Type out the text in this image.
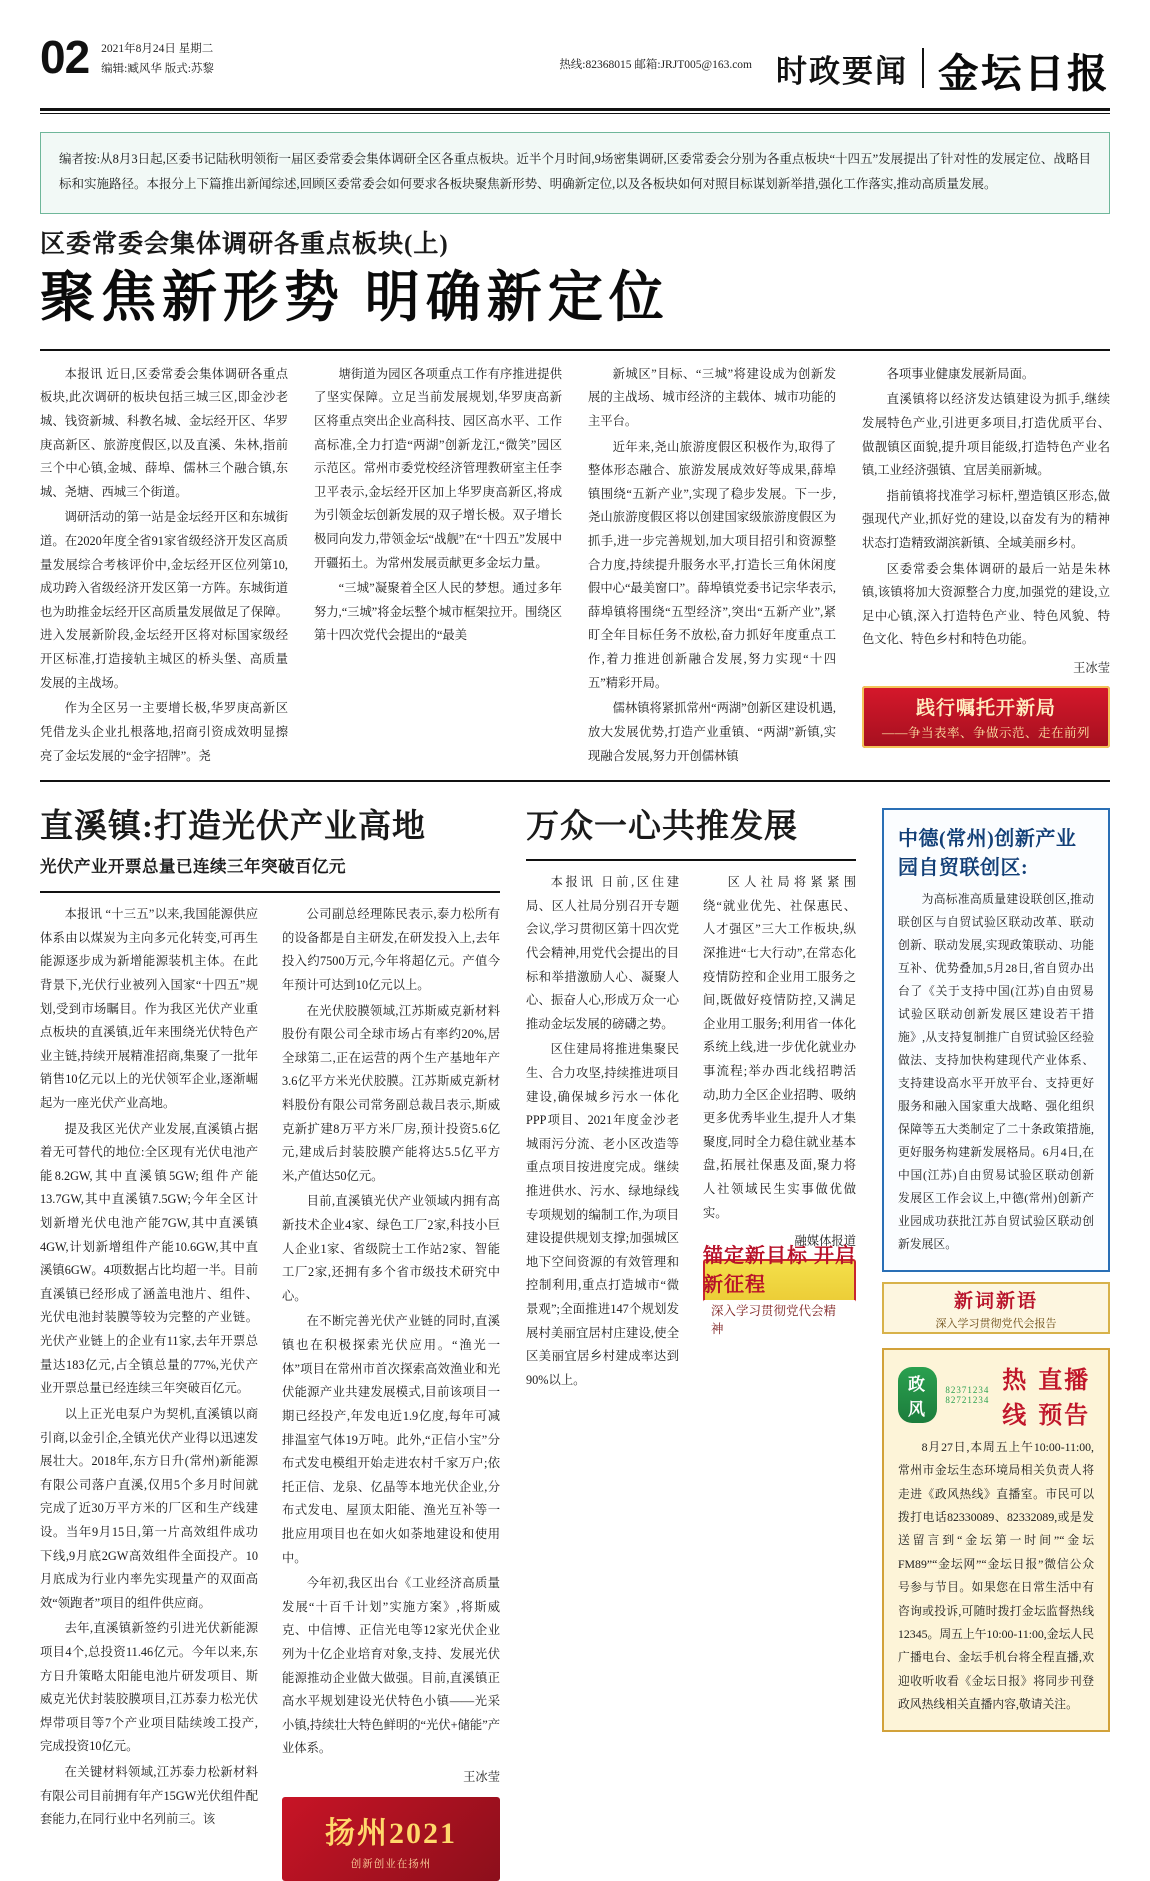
02	2021年8月24日 星期二
编辑:臧风华 版式:苏黎	热线:82368015 邮箱:JRJT005@163.com 时政要闻 金坛日报
编者按:从8月3日起,区委书记陆秋明领衔一届区委常委会集体调研全区各重点板块。近半个月时间,9场密集调研,区委常委会分别为各重点板块“十四五”发展提出了针对性的发展定位、战略目标和实施路径。本报分上下篇推出新闻综述,回顾区委常委会如何要求各板块聚焦新形势、明确新定位,以及各板块如何对照目标谋划新举措,强化工作落实,推动高质量发展。
区委常委会集体调研各重点板块(上)
聚焦新形势 明确新定位

本报讯 近日,区委常委会集体调研各重点板块,此次调研的板块包括三城三区,即金沙老城、钱资新城、科教名城、金坛经开区、华罗庚高新区、旅游度假区,以及直溪、朱林,指前三个中心镇,金城、薛埠、儒林三个融合镇,东城、尧塘、西城三个街道。

调研活动的第一站是金坛经开区和东城街道。在2020年度全省91家省级经济开发区高质量发展综合考核评价中,金坛经开区位列第10,成功跨入省级经济开发区第一方阵。东城街道也为助推金坛经开区高质量发展做足了保障。进入发展新阶段,金坛经开区将对标国家级经开区标准,打造接轨主城区的桥头堡、高质量发展的主战场。

作为全区另一主要增长极,华罗庚高新区凭借龙头企业扎根落地,招商引资成效明显擦亮了金坛发展的“金字招牌”。尧

塘街道为园区各项重点工作有序推进提供了坚实保障。立足当前发展规划,华罗庚高新区将重点突出企业高科技、园区高水平、工作高标准,全力打造“两湖”创新龙江,“微笑”园区示范区。常州市委党校经济管理教研室主任李卫平表示,金坛经开区加上华罗庚高新区,将成为引领金坛创新发展的双子增长极。双子增长极同向发力,带领金坛“战舰”在“十四五”发展中开疆拓土。为常州发展贡献更多金坛力量。

“三城”凝聚着全区人民的梦想。通过多年努力,“三城”将金坛整个城市框架拉开。围绕区第十四次党代会提出的“最美

新城区”目标、“三城”将建设成为创新发展的主战场、城市经济的主载体、城市功能的主平台。

近年来,尧山旅游度假区积极作为,取得了整体形态融合、旅游发展成效好等成果,薛埠镇围绕“五新产业”,实现了稳步发展。下一步,尧山旅游度假区将以创建国家级旅游度假区为抓手,进一步完善规划,加大项目招引和资源整合力度,持续提升服务水平,打造长三角休闲度假中心“最美窗口”。薛埠镇党委书记宗华表示,薛埠镇将围绕“五型经济”,突出“五新产业”,紧盯全年目标任务不放松,奋力抓好年度重点工作,着力推进创新融合发展,努力实现“十四五”精彩开局。

儒林镇将紧抓常州“两湖”创新区建设机遇,放大发展优势,打造产业重镇、“两湖”新镇,实现融合发展,努力开创儒林镇

各项事业健康发展新局面。

直溪镇将以经济发达镇建设为抓手,继续发展特色产业,引进更多项目,打造优质平台、做靓镇区面貌,提升项目能级,打造特色产业名镇,工业经济强镇、宜居美丽新城。

指前镇将找准学习标杆,塑造镇区形态,做强现代产业,抓好党的建设,以奋发有为的精神状态打造精致湖滨新镇、全域美丽乡村。

区委常委会集体调研的最后一站是朱林镇,该镇将加大资源整合力度,加强党的建设,立足中心镇,深入打造特色产业、特色风貌、特色文化、特色乡村和特色功能。

王冰莹
践行嘱托开新局
——争当表率、争做示范、走在前列
直溪镇:打造光伏产业高地
光伏产业开票总量已连续三年突破百亿元

本报讯 “十三五”以来,我国能源供应体系由以煤炭为主向多元化转变,可再生能源逐步成为新增能源装机主体。在此背景下,光伏行业被列入国家“十四五”规划,受到市场瞩目。作为我区光伏产业重点板块的直溪镇,近年来围绕光伏特色产业主链,持续开展精准招商,集聚了一批年销售10亿元以上的光伏领军企业,逐渐崛起为一座光伏产业高地。

提及我区光伏产业发展,直溪镇占据着无可替代的地位:全区现有光伏电池产能8.2GW,其中直溪镇5GW;组件产能13.7GW,其中直溪镇7.5GW;今年全区计划新增光伏电池产能7GW,其中直溪镇4GW,计划新增组件产能10.6GW,其中直溪镇6GW。4项数据占比均超一半。目前直溪镇已经形成了涵盖电池片、组件、光伏电池封装膜等较为完整的产业链。光伏产业链上的企业有11家,去年开票总量达183亿元,占全镇总量的77%,光伏产业开票总量已经连续三年突破百亿元。

以上正光电泵户为契机,直溪镇以商引商,以金引企,全镇光伏产业得以迅速发展壮大。2018年,东方日升(常州)新能源有限公司落户直溪,仅用5个多月时间就完成了近30万平方米的厂区和生产线建设。当年9月15日,第一片高效组件成功下线,9月底2GW高效组件全面投产。10月底成为行业内率先实现量产的双面高效“领跑者”项目的组件供应商。

去年,直溪镇新签约引进光伏新能源项目4个,总投资11.46亿元。今年以来,东方日升策略太阳能电池片研发项目、斯威克光伏封装胶膜项目,江苏泰力松光伏焊带项目等7个产业项目陆续竣工投产,完成投资10亿元。

在关键材料领域,江苏泰力松新材料有限公司目前拥有年产15GW光伏组件配套能力,在同行业中名列前三。该

公司副总经理陈民表示,泰力松所有的设备都是自主研发,在研发投入上,去年投入约7500万元,今年将超亿元。产值今年预计可达到10亿元以上。

在光伏胶膜领域,江苏斯威克新材料股份有限公司全球市场占有率约20%,居全球第二,正在运营的两个生产基地年产3.6亿平方米光伏胶膜。江苏斯威克新材料股份有限公司常务副总裁吕表示,斯威克新扩建8万平方米厂房,预计投资5.6亿元,建成后封装胶膜产能将达5.5亿平方米,产值达50亿元。

目前,直溪镇光伏产业领域内拥有高新技术企业4家、绿色工厂2家,科技小巨人企业1家、省级院士工作站2家、智能工厂2家,还拥有多个省市级技术研究中心。

在不断完善光伏产业链的同时,直溪镇也在积极探索光伏应用。“渔光一体”项目在常州市首次探索高效渔业和光伏能源产业共建发展模式,目前该项目一期已经投产,年发电近1.9亿度,每年可减排温室气体19万吨。此外,“正信小宝”分布式发电模组开始走进农村千家万户;依托正信、龙泉、亿晶等本地光伏企业,分布式发电、屋顶太阳能、渔光互补等一批应用项目也在如火如荼地建设和使用中。

今年初,我区出台《工业经济高质量发展“十百千计划”实施方案》,将斯威克、中信博、正信光电等12家光伏企业列为十亿企业培育对象,支持、发展光伏能源推动企业做大做强。目前,直溪镇正高水平规划建设光伏特色小镇——光采小镇,持续壮大特色鲜明的“光伏+储能”产业体系。

王冰莹
扬州2021
创新创业在扬州
万众一心共推发展

本报讯 日前,区住建局、区人社局分别召开专题会议,学习贯彻区第十四次党代会精神,用党代会提出的目标和举措激励人心、凝聚人心、振奋人心,形成万众一心推动金坛发展的磅礴之势。

区住建局将推进集聚民生、合力攻坚,持续推进项目建设,确保城乡污水一体化PPP项目、2021年度金沙老城雨污分流、老小区改造等重点项目按进度完成。继续推进供水、污水、绿地绿线专项规划的编制工作,为项目建设提供规划支撑;加强城区地下空间资源的有效管理和控制利用,重点打造城市“微景观”;全面推进147个规划发展村美丽宜居村庄建设,使全区美丽宜居乡村建成率达到90%以上。

区人社局将紧紧围绕“就业优先、社保惠民、人才强区”三大工作板块,纵深推进“七大行动”,在常态化疫情防控和企业用工服务之间,既做好疫情防控,又满足企业用工服务;利用省一体化系统上线,进一步优化就业办事流程;举办西北线招聘活动,助力全区企业招聘、吸纳更多优秀毕业生,提升人才集聚度,同时全力稳住就业基本盘,拓展社保惠及面,聚力将人社领域民生实事做优做实。

融媒体报道
锚定新目标 开启新征程
深入学习贯彻党代会精神
中德(常州)创新产业园自贸联创区:

为高标准高质量建设联创区,推动联创区与自贸试验区联动改革、联动创新、联动发展,实现政策联动、功能互补、优势叠加,5月28日,省自贸办出台了《关于支持中国(江苏)自由贸易试验区联动创新发展区建设若干措施》,从支持复制推广自贸试验区经验做法、支持加快构建现代产业体系、支持建设高水平开放平台、支持更好服务和融入国家重大战略、强化组织保障等五大类制定了二十条政策措施,更好服务构建新发展格局。6月4日,在中国(江苏)自由贸易试验区联动创新发展区工作会议上,中德(常州)创新产业园成功获批江苏自贸试验区联动创新发展区。

新词新语
深入学习贯彻党代会报告
政风
82371234 82721234
热线
直播预告

8月27日,本周五上午10:00-11:00,常州市金坛生态环境局相关负责人将走进《政风热线》直播室。市民可以拨打电话82330089、82332089,或是发送留言到“金坛第一时间”“金坛FM89”“金坛网”“金坛日报”微信公众号参与节目。如果您在日常生活中有咨询或投诉,可随时拨打金坛监督热线12345。周五上午10:00-11:00,金坛人民广播电台、金坛手机台将全程直播,欢迎收听收看《金坛日报》将同步刊登政风热线相关直播内容,敬请关注。
